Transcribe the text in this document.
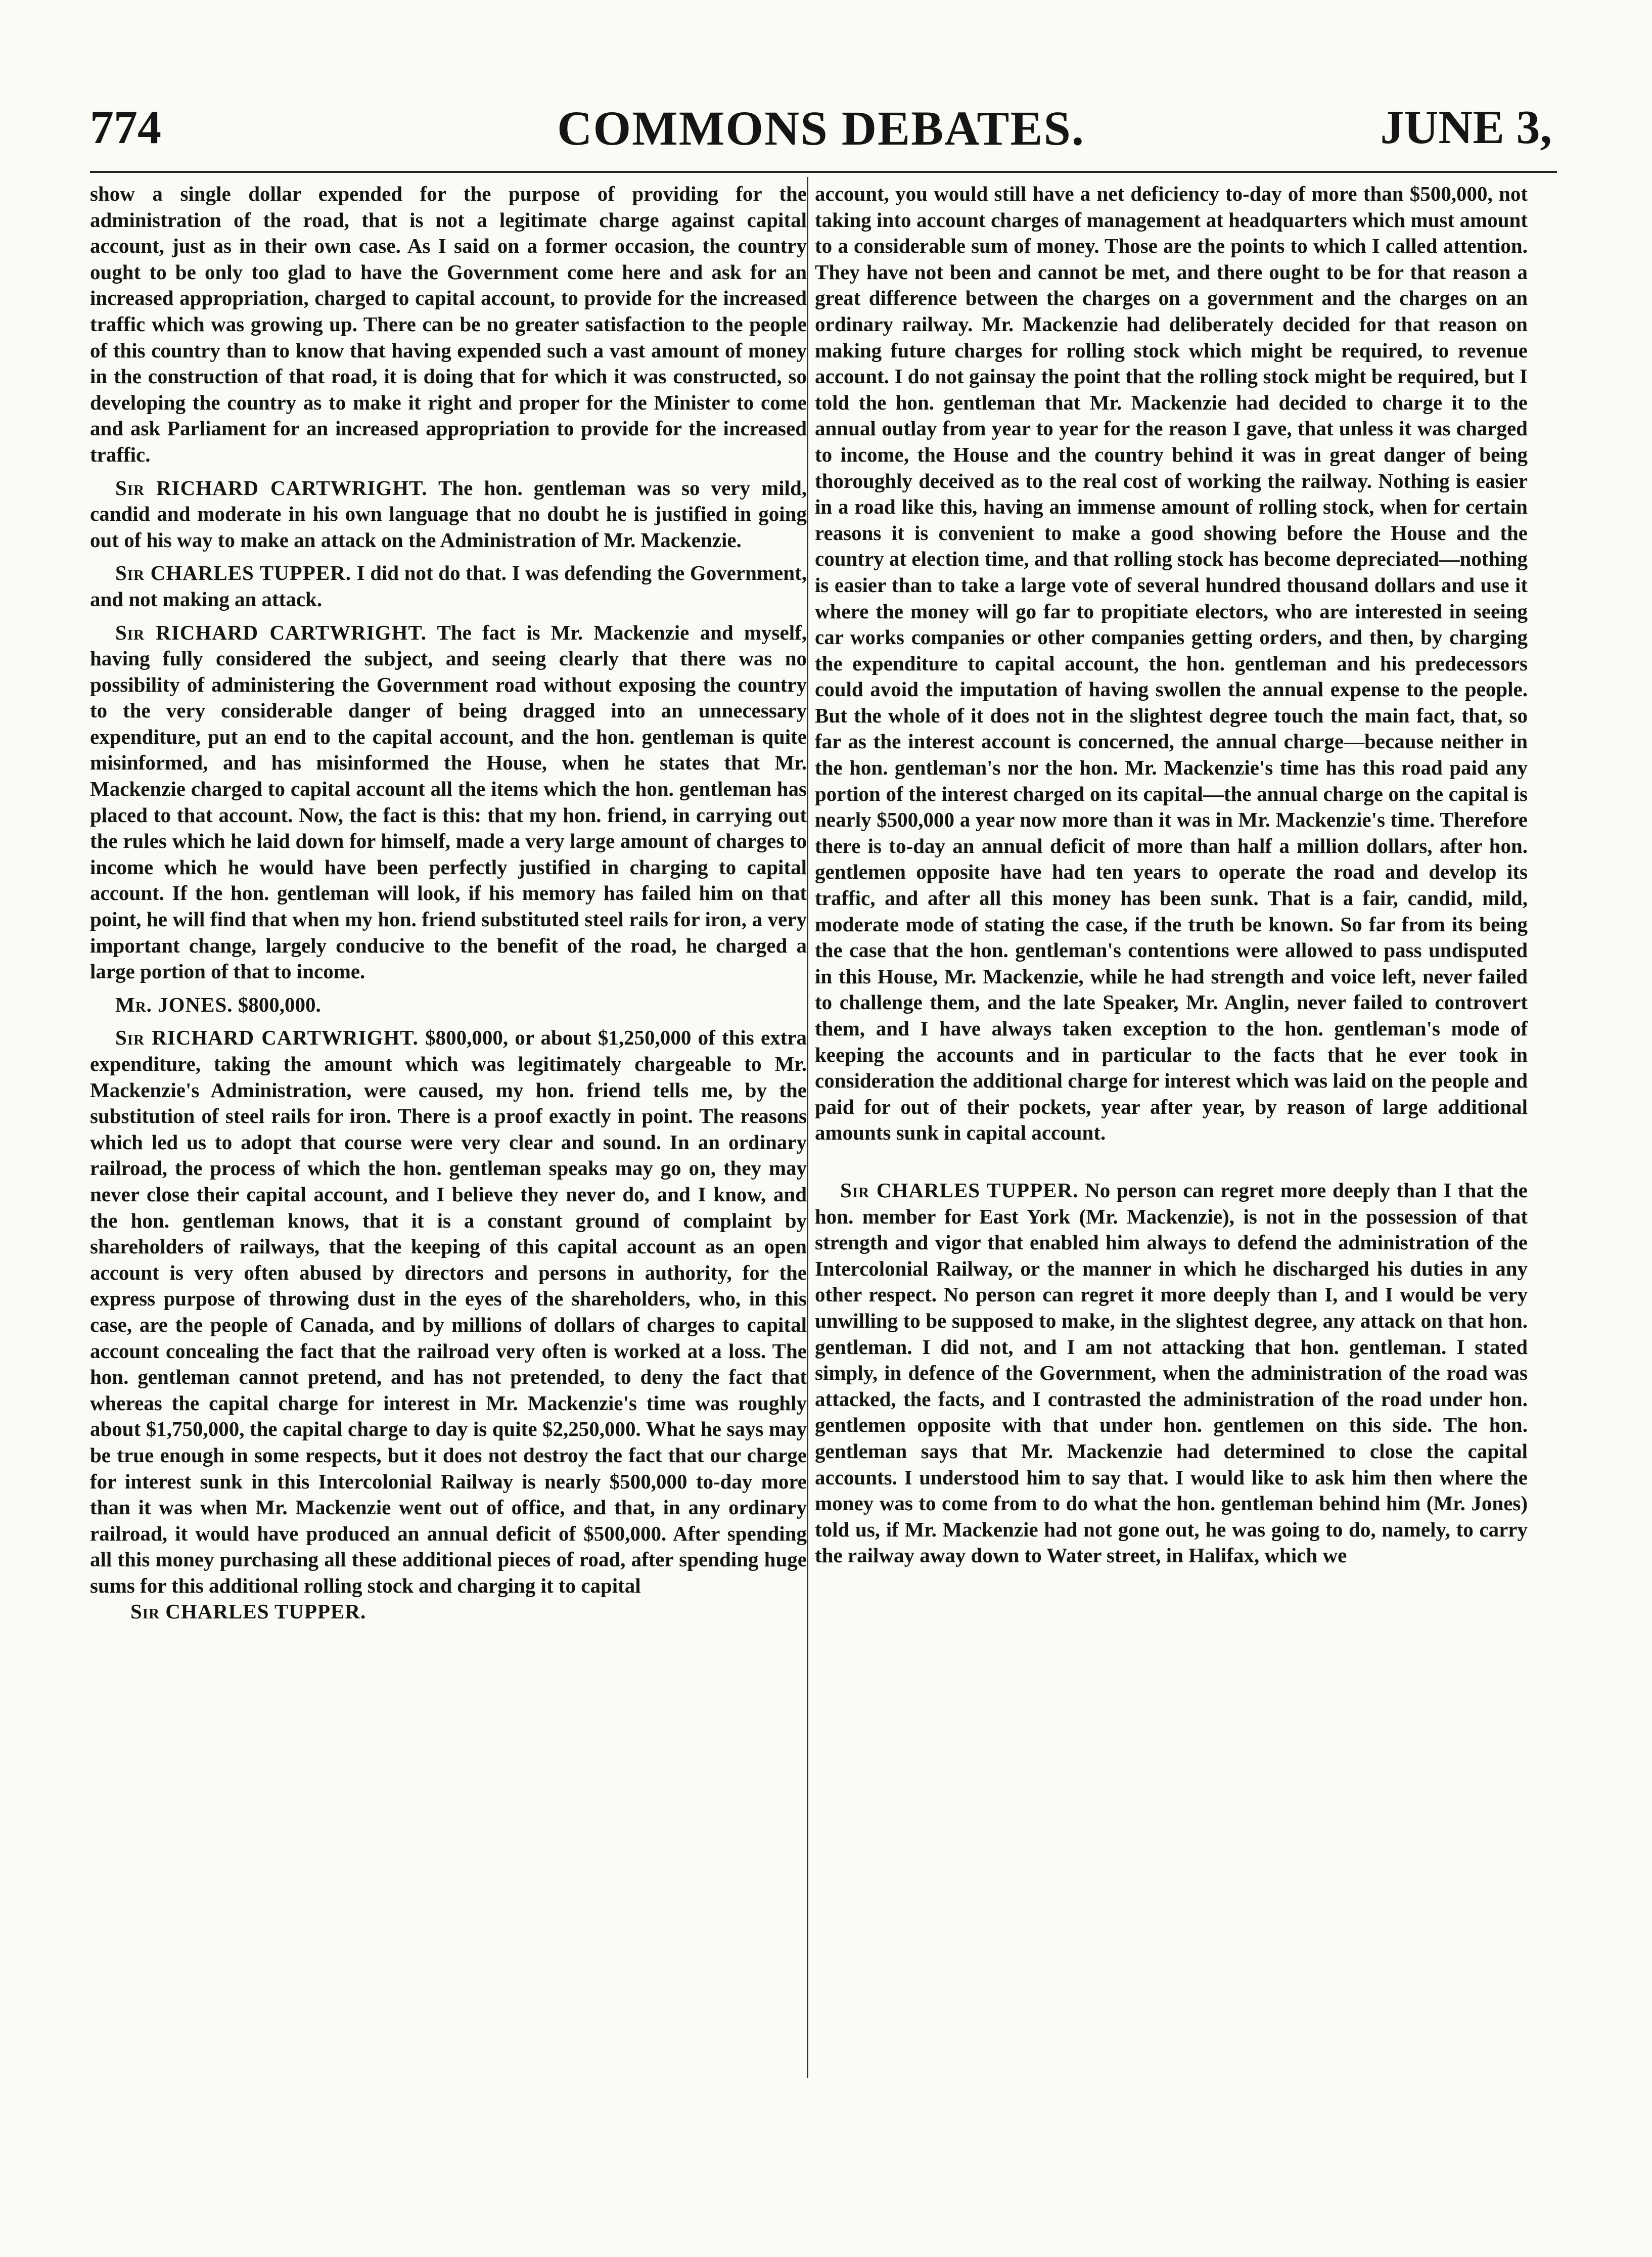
774	COMMONS DEBATES.	JUNE 3,

show a single dollar expended for the purpose of providing for the administration of the road, that is not a legitimate charge against capital account, just as in their own case. As I said on a former occasion, the country ought to be only too glad to have the Government come here and ask for an increased appropriation, charged to capital account, to provide for the increased traffic which was growing up. There can be no greater satisfaction to the people of this country than to know that having expended such a vast amount of money in the construction of that road, it is doing that for which it was constructed, so developing the country as to make it right and proper for the Minister to come and ask Parliament for an increased appropriation to provide for the increased traffic.

Sir RICHARD CARTWRIGHT. The hon. gentleman was so very mild, candid and moderate in his own language that no doubt he is justified in going out of his way to make an attack on the Administration of Mr. Mackenzie.

Sir CHARLES TUPPER. I did not do that. I was defending the Government, and not making an attack.

Sir RICHARD CARTWRIGHT. The fact is Mr. Mackenzie and myself, having fully considered the subject, and seeing clearly that there was no possibility of administering the Government road without exposing the country to the very considerable danger of being dragged into an unnecessary expenditure, put an end to the capital account, and the hon. gentleman is quite misinformed, and has misinformed the House, when he states that Mr. Mackenzie charged to capital account all the items which the hon. gentleman has placed to that account. Now, the fact is this: that my hon. friend, in carrying out the rules which he laid down for himself, made a very large amount of charges to income which he would have been perfectly justified in charging to capital account. If the hon. gentleman will look, if his memory has failed him on that point, he will find that when my hon. friend substituted steel rails for iron, a very important change, largely conducive to the benefit of the road, he charged a large portion of that to income.

Mr. JONES. $800,000.

Sir RICHARD CARTWRIGHT. $800,000, or about $1,250,000 of this extra expenditure, taking the amount which was legitimately chargeable to Mr. Mackenzie's Administration, were caused, my hon. friend tells me, by the substitution of steel rails for iron. There is a proof exactly in point. The reasons which led us to adopt that course were very clear and sound. In an ordinary railroad, the process of which the hon. gentleman speaks may go on, they may never close their capital account, and I believe they never do, and I know, and the hon. gentleman knows, that it is a constant ground of complaint by shareholders of railways, that the keeping of this capital account as an open account is very often abused by directors and persons in authority, for the express purpose of throwing dust in the eyes of the shareholders, who, in this case, are the people of Canada, and by millions of dollars of charges to capital account concealing the fact that the railroad very often is worked at a loss. The hon. gentleman cannot pretend, and has not pretended, to deny the fact that whereas the capital charge for interest in Mr. Mackenzie's time was roughly about $1,750,000, the capital charge to day is quite $2,250,000. What he says may be true enough in some respects, but it does not destroy the fact that our charge for interest sunk in this Intercolonial Railway is nearly $500,000 to-day more than it was when Mr. Mackenzie went out of office, and that, in any ordinary railroad, it would have produced an annual deficit of $500,000. After spending all this money purchasing all these additional pieces of road, after spending huge sums for this additional rolling stock and charging it to capital

Sir CHARLES TUPPER.

account, you would still have a net deficiency to-day of more than $500,000, not taking into account charges of management at headquarters which must amount to a considerable sum of money. Those are the points to which I called attention. They have not been and cannot be met, and there ought to be for that reason a great difference between the charges on a government and the charges on an ordinary railway. Mr. Mackenzie had deliberately decided for that reason on making future charges for rolling stock which might be required, to revenue account. I do not gainsay the point that the rolling stock might be required, but I told the hon. gentleman that Mr. Mackenzie had decided to charge it to the annual outlay from year to year for the reason I gave, that unless it was charged to income, the House and the country behind it was in great danger of being thoroughly deceived as to the real cost of working the railway. Nothing is easier in a road like this, having an immense amount of rolling stock, when for certain reasons it is convenient to make a good showing before the House and the country at election time, and that rolling stock has become depreciated—nothing is easier than to take a large vote of several hundred thousand dollars and use it where the money will go far to propitiate electors, who are interested in seeing car works companies or other companies getting orders, and then, by charging the expenditure to capital account, the hon. gentleman and his predecessors could avoid the imputation of having swollen the annual expense to the people. But the whole of it does not in the slightest degree touch the main fact, that, so far as the interest account is concerned, the annual charge—because neither in the hon. gentleman's nor the hon. Mr. Mackenzie's time has this road paid any portion of the interest charged on its capital—the annual charge on the capital is nearly $500,000 a year now more than it was in Mr. Mackenzie's time. Therefore there is to-day an annual deficit of more than half a million dollars, after hon. gentlemen opposite have had ten years to operate the road and develop its traffic, and after all this money has been sunk. That is a fair, candid, mild, moderate mode of stating the case, if the truth be known. So far from its being the case that the hon. gentleman's contentions were allowed to pass undisputed in this House, Mr. Mackenzie, while he had strength and voice left, never failed to challenge them, and the late Speaker, Mr. Anglin, never failed to controvert them, and I have always taken exception to the hon. gentleman's mode of keeping the accounts and in particular to the facts that he ever took in consideration the additional charge for interest which was laid on the people and paid for out of their pockets, year after year, by reason of large additional amounts sunk in capital account.

Sir CHARLES TUPPER. No person can regret more deeply than I that the hon. member for East York (Mr. Mackenzie), is not in the possession of that strength and vigor that enabled him always to defend the administration of the Intercolonial Railway, or the manner in which he discharged his duties in any other respect. No person can regret it more deeply than I, and I would be very unwilling to be supposed to make, in the slightest degree, any attack on that hon. gentleman. I did not, and I am not attacking that hon. gentleman. I stated simply, in defence of the Government, when the administration of the road was attacked, the facts, and I contrasted the administration of the road under hon. gentlemen opposite with that under hon. gentlemen on this side. The hon. gentleman says that Mr. Mackenzie had determined to close the capital accounts. I understood him to say that. I would like to ask him then where the money was to come from to do what the hon. gentleman behind him (Mr. Jones) told us, if Mr. Mackenzie had not gone out, he was going to do, namely, to carry the railway away down to Water street, in Halifax, which we
